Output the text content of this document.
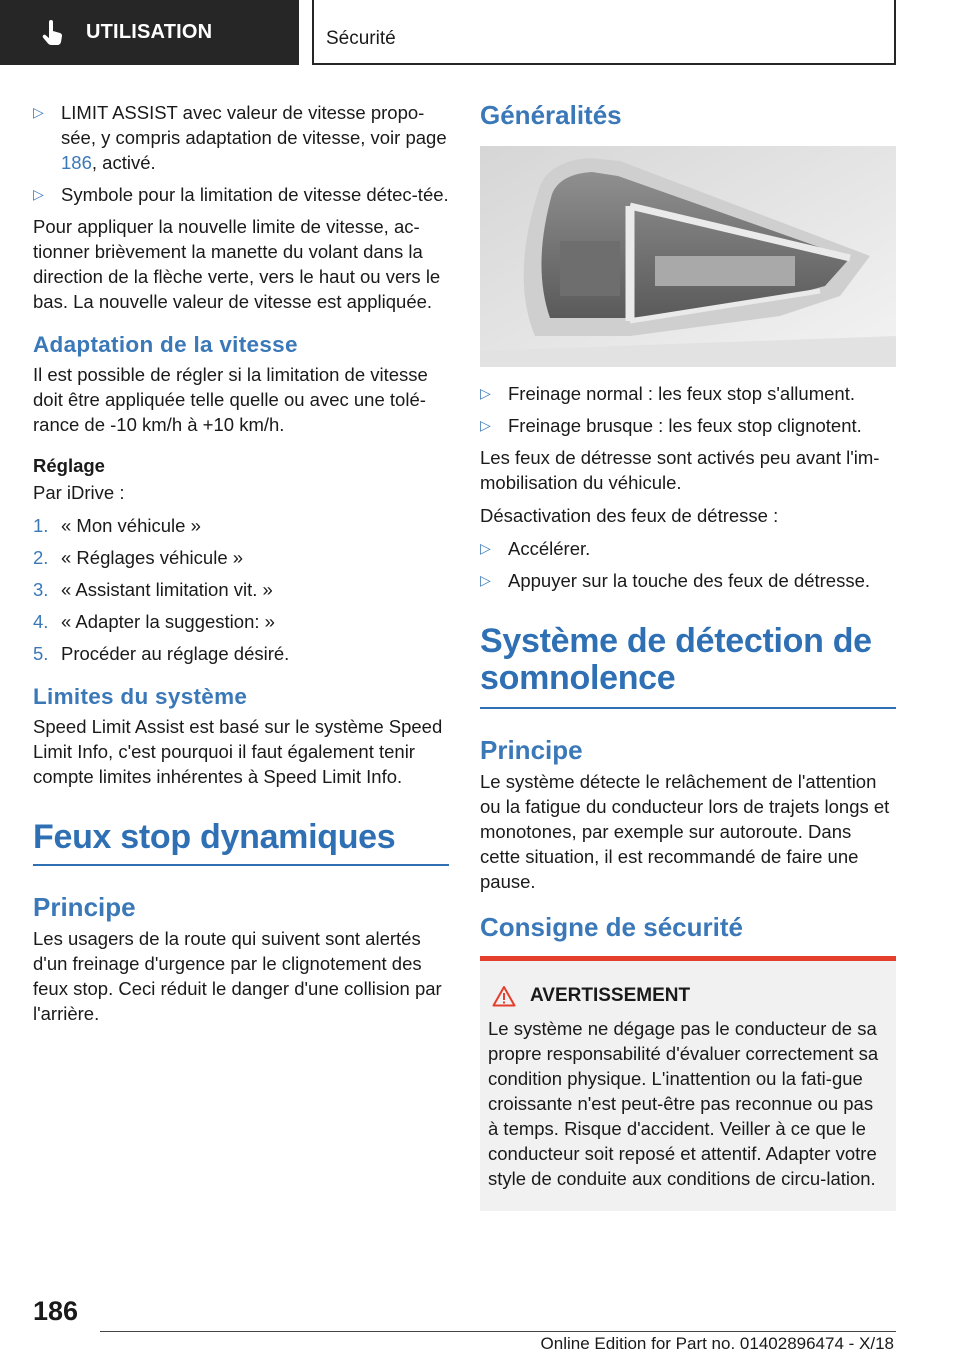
UTILISATION	Sécurité
▷ LIMIT ASSIST avec valeur de vitesse propo-sée, y compris adaptation de vitesse, voir page 186, activé.
▷ Symbole pour la limitation de vitesse détec-tée.

Pour appliquer la nouvelle limite de vitesse, ac-tionner brièvement la manette du volant dans la direction de la flèche verte, vers le haut ou vers le bas. La nouvelle valeur de vitesse est appliquée.

Adaptation de la vitesse

Il est possible de régler si la limitation de vitesse doit être appliquée telle quelle ou avec une tolé-rance de -10 km/h à +10 km/h.

Réglage

Par iDrive :

1. « Mon véhicule »
2. « Réglages véhicule »
3. « Assistant limitation vit. »
4. « Adapter la suggestion: »
5. Procéder au réglage désiré.
Limites du système

Speed Limit Assist est basé sur le système Speed Limit Info, c'est pourquoi il faut également tenir compte limites inhérentes à Speed Limit Info.

Feux stop dynamiques
Principe

Les usagers de la route qui suivent sont alertés d'un freinage d'urgence par le clignotement des feux stop. Ceci réduit le danger d'une collision par l'arrière.

Généralités
▷ Freinage normal : les feux stop s'allument.
▷ Freinage brusque : les feux stop clignotent.

Les feux de détresse sont activés peu avant l'im-mobilisation du véhicule.

Désactivation des feux de détresse :

▷ Accélérer.
▷ Appuyer sur la touche des feux de détresse.
Système de détection de somnolence
Principe

Le système détecte le relâchement de l'attention ou la fatigue du conducteur lors de trajets longs et monotones, par exemple sur autoroute. Dans cette situation, il est recommandé de faire une pause.

Consigne de sécurité
AVERTISSEMENT

Le système ne dégage pas le conducteur de sa propre responsabilité d'évaluer correctement sa condition physique. L'inattention ou la fati-gue croissante n'est peut-être pas reconnue ou pas à temps. Risque d'accident. Veiller à ce que le conducteur soit reposé et attentif. Adapter votre style de conduite aux conditions de circu-lation.

186
Online Edition for Part no. 01402896474 - X/18
